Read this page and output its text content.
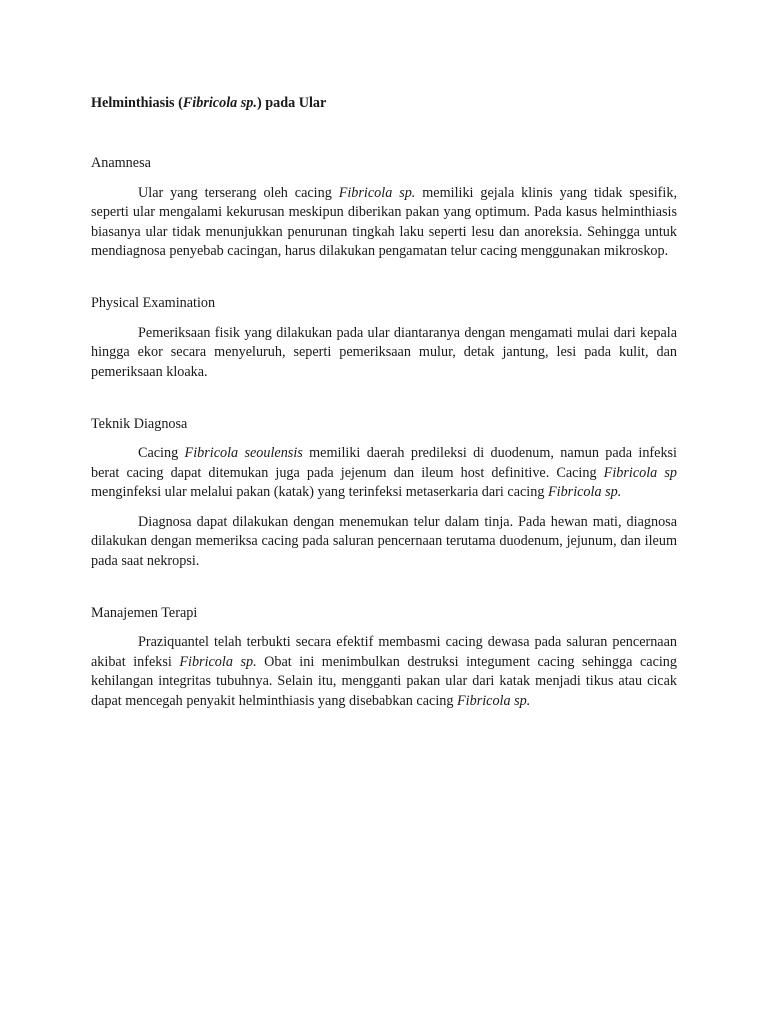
Helminthiasis (Fibricola sp.) pada Ular

Anamnesa

Ular yang terserang oleh cacing Fibricola sp. memiliki gejala klinis yang tidak spesifik, seperti ular mengalami kekurusan meskipun diberikan pakan yang optimum. Pada kasus helminthiasis biasanya ular tidak menunjukkan penurunan tingkah laku seperti lesu dan anoreksia. Sehingga untuk mendiagnosa penyebab cacingan, harus dilakukan pengamatan telur cacing menggunakan mikroskop.

Physical Examination

Pemeriksaan fisik yang dilakukan pada ular diantaranya dengan mengamati mulai dari kepala hingga ekor secara menyeluruh, seperti pemeriksaan mulur, detak jantung, lesi pada kulit, dan pemeriksaan kloaka.

Teknik Diagnosa

Cacing Fibricola seoulensis memiliki daerah predileksi di duodenum, namun pada infeksi berat cacing dapat ditemukan juga pada jejenum dan ileum host definitive. Cacing Fibricola sp menginfeksi ular melalui pakan (katak) yang terinfeksi metaserkaria dari cacing Fibricola sp.

Diagnosa dapat dilakukan dengan menemukan telur dalam tinja. Pada hewan mati, diagnosa dilakukan dengan memeriksa cacing pada saluran pencernaan terutama duodenum, jejunum, dan ileum pada saat nekropsi.

Manajemen Terapi

Praziquantel telah terbukti secara efektif membasmi cacing dewasa pada saluran pencernaan akibat infeksi Fibricola sp. Obat ini menimbulkan destruksi integument cacing sehingga cacing kehilangan integritas tubuhnya. Selain itu, mengganti pakan ular dari katak menjadi tikus atau cicak dapat mencegah penyakit helminthiasis yang disebabkan cacing Fibricola sp.
